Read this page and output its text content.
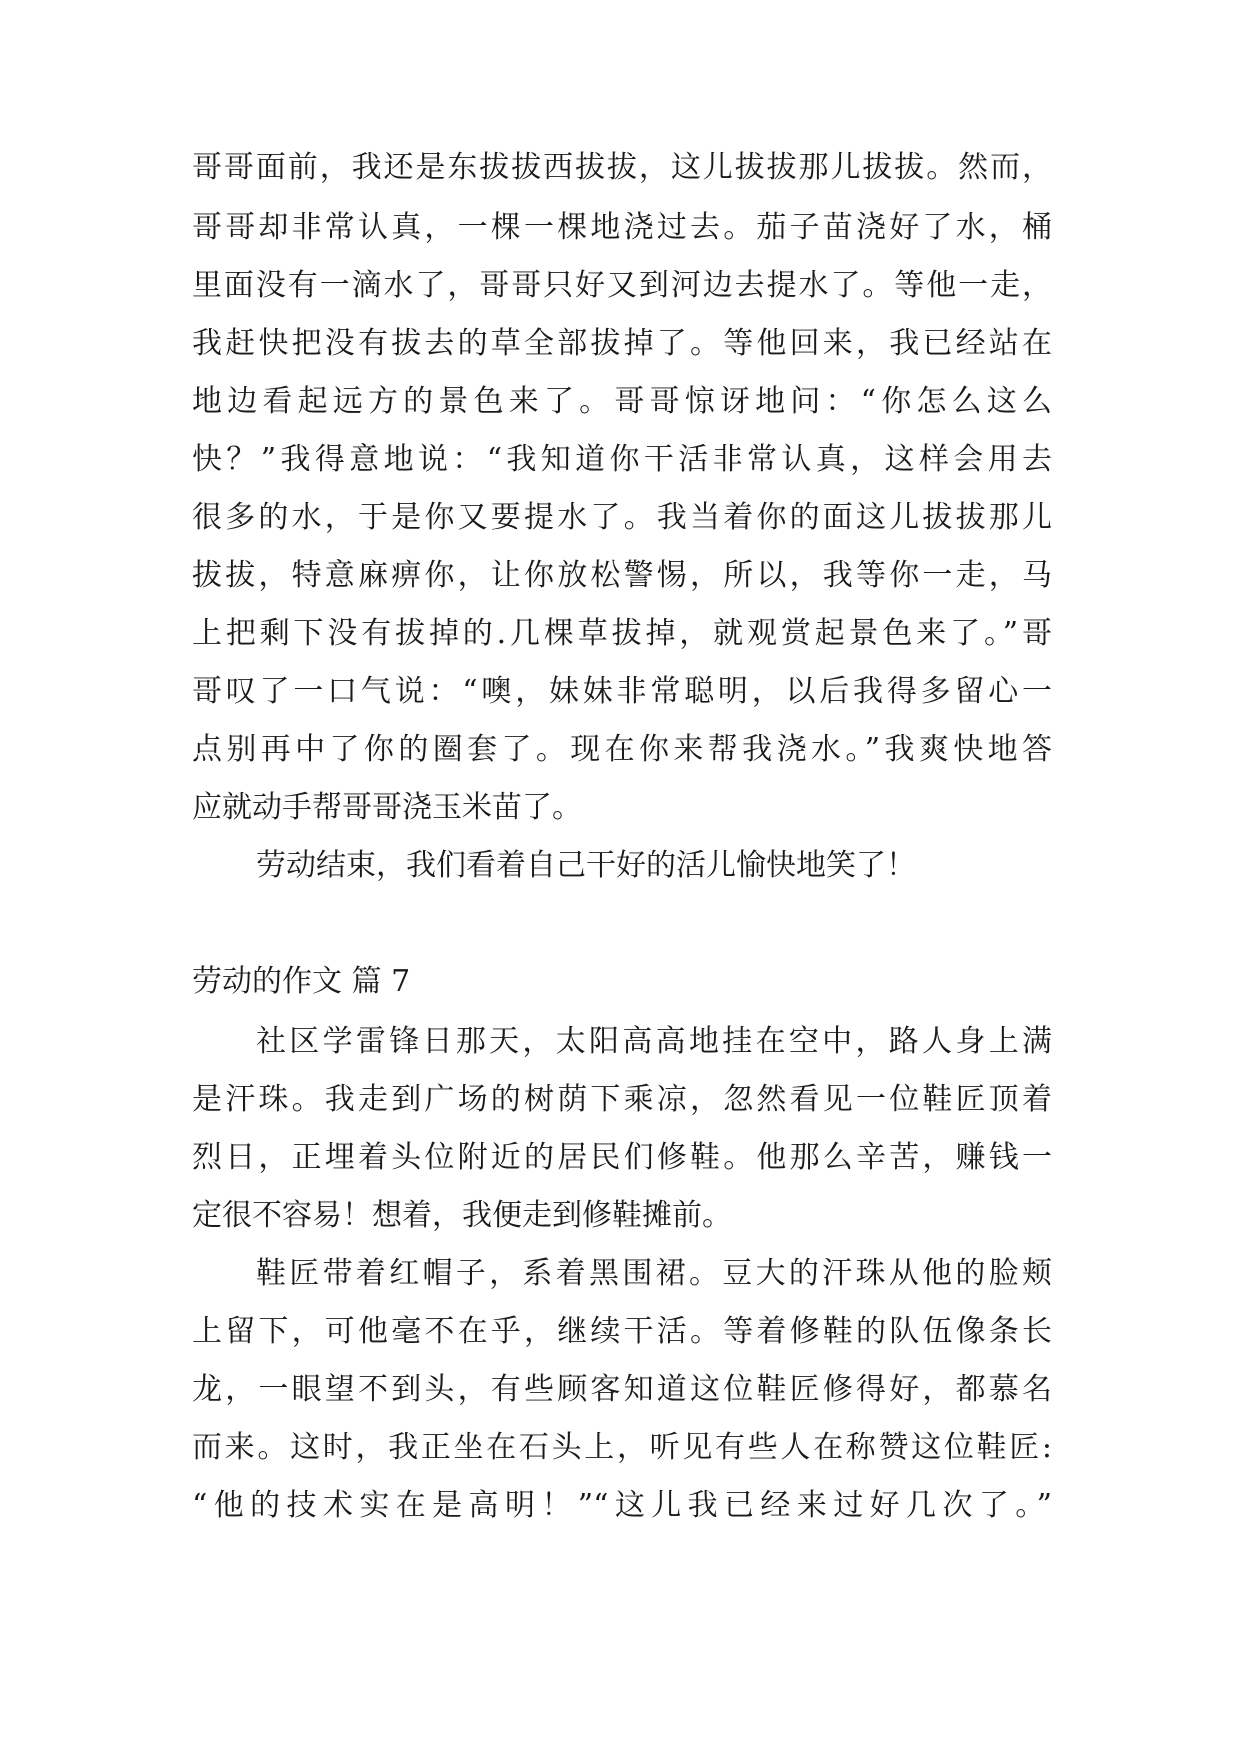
哥哥面前，我还是东拔拔西拔拔，这儿拔拔那儿拔拔。然而，
哥哥却非常认真，一棵一棵地浇过去。茄子苗浇好了水，桶
里面没有一滴水了，哥哥只好又到河边去提水了。等他一走，
我赶快把没有拔去的草全部拔掉了。等他回来，我已经站在
地边看起远方的景色来了。哥哥惊讶地问：“你怎么这么
快？”我得意地说：“我知道你干活非常认真，这样会用去
很多的水，于是你又要提水了。我当着你的面这儿拔拔那儿
拔拔，特意麻痹你，让你放松警惕，所以，我等你一走，马
上把剩下没有拔掉的.几棵草拔掉，就观赏起景色来了。”哥
哥叹了一口气说：“噢，妹妹非常聪明，以后我得多留心一
点别再中了你的圈套了。现在你来帮我浇水。”我爽快地答
应就动手帮哥哥浇玉米苗了。
劳动结束，我们看着自己干好的活儿愉快地笑了！
劳动的作文 篇 7
社区学雷锋日那天，太阳高高地挂在空中，路人身上满
是汗珠。我走到广场的树荫下乘凉，忽然看见一位鞋匠顶着
烈日，正埋着头位附近的居民们修鞋。他那么辛苦，赚钱一
定很不容易！想着，我便走到修鞋摊前。
鞋匠带着红帽子，系着黑围裙。豆大的汗珠从他的脸颊
上留下，可他毫不在乎，继续干活。等着修鞋的队伍像条长
龙，一眼望不到头，有些顾客知道这位鞋匠修得好，都慕名
而来。这时，我正坐在石头上，听见有些人在称赞这位鞋匠:
“他的技术实在是高明！”“这儿我已经来过好几次了。”
